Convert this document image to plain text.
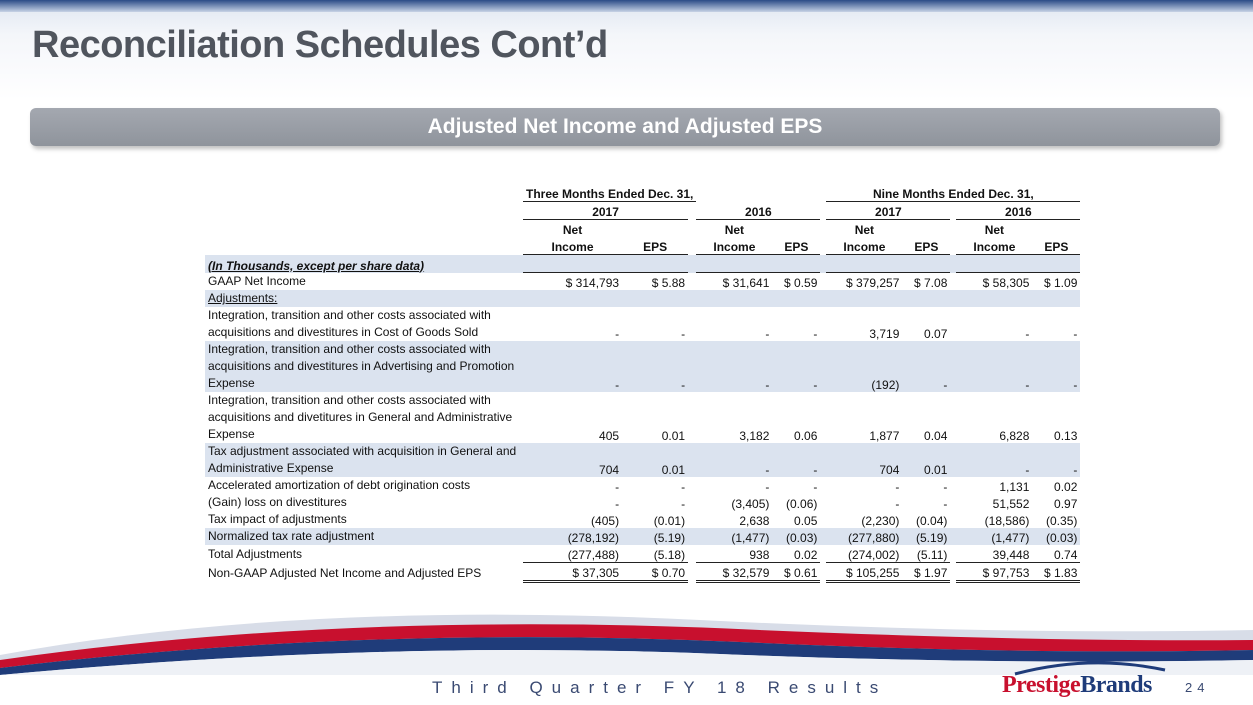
Reconciliation Schedules Cont’d
Adjusted Net Income and Adjusted EPS
	Three Months Ended Dec. 31,						Nine Months Ended Dec. 31,				
	2017			2016			2017			2016	
	Net			Net			Net			Net	
	Income	EPS		Income	EPS		Income	EPS		Income	EPS
(In Thousands, except per share data)											
GAAP Net Income	$ 314,793	$ 5.88		$ 31,641	$ 0.59		$ 379,257	$ 7.08		$ 58,305	$ 1.09
Adjustments:											
Integration, transition and other costs associated with acquisitions and divestitures in Cost of Goods Sold	-	-		-	-		3,719	0.07		-	-
Integration, transition and other costs associated with acquisitions and divestitures in Advertising and Promotion Expense	-	-		-	-		(192)	-		-	-
Integration, transition and other costs associated with acquisitions and divetitures in General and Administrative Expense	405	0.01		3,182	0.06		1,877	0.04		6,828	0.13
Tax adjustment associated with acquisition in General and Administrative Expense	704	0.01		-	-		704	0.01		-	-
Accelerated amortization of debt origination costs	-	-		-	-		-	-		1,131	0.02
(Gain) loss on divestitures	-	-		(3,405)	(0.06)		-	-		51,552	0.97
Tax impact of adjustments	(405)	(0.01)		2,638	0.05		(2,230)	(0.04)		(18,586)	(0.35)
Normalized tax rate adjustment	(278,192)	(5.19)		(1,477)	(0.03)		(277,880)	(5.19)		(1,477)	(0.03)
Total Adjustments	(277,488)	(5.18)		938	0.02		(274,002)	(5.11)		39,448	0.74
Non-GAAP Adjusted Net Income and Adjusted EPS	$ 37,305	$ 0.70		$ 32,579	$ 0.61		$ 105,255	$ 1.97		$ 97,753	$ 1.83
Third Quarter FY 18 Results	PrestigeBrands	24
